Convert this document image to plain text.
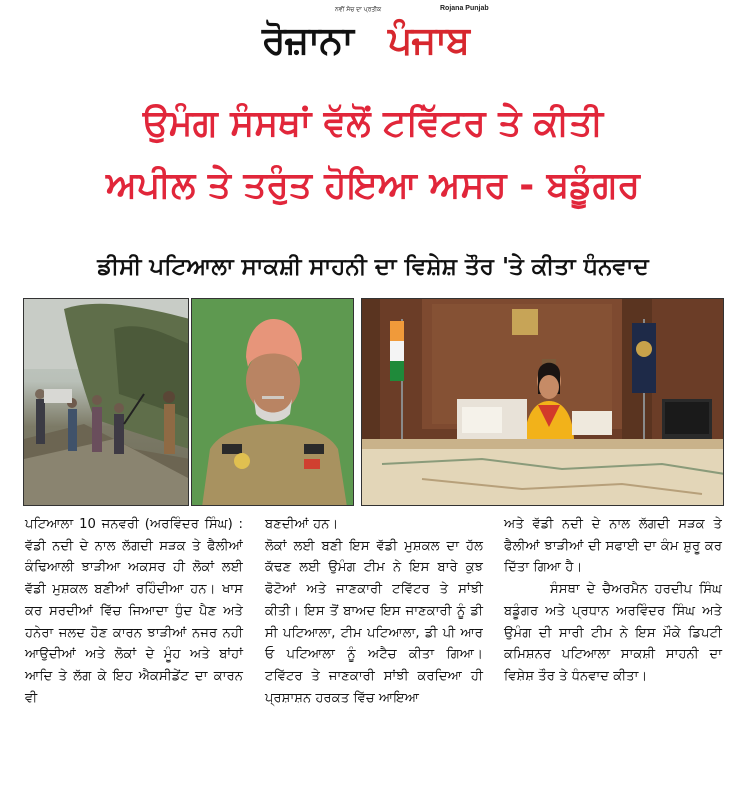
ਨਵੀਂ ਸੋਚ ਦਾ ਪ੍ਰਤੀਕ
ਰੋਜ਼ਾਨਾ ਪੰਜਾਬ
Rojana Punjab
ਉਮੰਗ ਸੰਸਥਾਂ ਵੱਲੋਂ ਟਵਿੱਟਰ ਤੇ ਕੀਤੀ
ਅਪੀਲ ਤੇ ਤਰੁੰਤ ਹੋਇਆ ਅਸਰ - ਬਡੂੰਗਰ
ਡੀਸੀ ਪਟਿਆਲਾ ਸਾਕਸ਼ੀ ਸਾਹਨੀ ਦਾ ਵਿਸ਼ੇਸ਼ ਤੌਰ 'ਤੇ ਕੀਤਾ ਧੰਨਵਾਦ

ਪਟਿਆਲਾ 10 ਜਨਵਰੀ (ਅਰਵਿੰਦਰ ਸਿੰਘ) : ਵੱਡੀ ਨਦੀ ਦੇ ਨਾਲ ਲੱਗਦੀ ਸੜਕ ਤੇ ਫੈਲੀਆਂ ਕੰਢਿਆਲੀ ਝਾੜੀਆ ਅਕਸਰ ਹੀ ਲੋਕਾਂ ਲਈ ਵੱਡੀ ਮੁਸ਼ਕਲ ਬਣੀਆਂ ਰਹਿੰਦੀਆ ਹਨ। ਖਾਸ ਕਰ ਸਰਦੀਆਂ ਵਿੱਚ ਜਿਆਦਾ ਧੁੰਦ ਪੈਣ ਅਤੇ ਹਨੇਰਾ ਜਲਦ ਹੋਣ ਕਾਰਨ ਝਾੜੀਆਂ ਨਜਰ ਨਹੀ ਆਉਦੀਆਂ ਅਤੇ ਲੋਕਾਂ ਦੇ ਮੂੰਹ ਅਤੇ ਬਾਂਹਾਂ ਆਦਿ ਤੇ ਲੱਗ ਕੇ ਇਹ ਐਕਸੀਡੇਂਟ ਦਾ ਕਾਰਨ ਵੀ

ਬਣਦੀਆਂ ਹਨ।

ਲੋਕਾਂ ਲਈ ਬਣੀ ਇਸ ਵੱਡੀ ਮੁਸ਼ਕਲ ਦਾ ਹੱਲ ਕੱਢਣ ਲਈ ਉਮੰਗ ਟੀਮ ਨੇ ਇਸ ਬਾਰੇ ਕੁਝ ਫੋਟੋਆਂ ਅਤੇ ਜਾਣਕਾਰੀ ਟਵਿੱਟਰ ਤੇ ਸਾਂਝੀ ਕੀਤੀ। ਇਸ ਤੋਂ ਬਾਅਦ ਇਸ ਜਾਣਕਾਰੀ ਨੂੰ ਡੀ ਸੀ ਪਟਿਆਲਾ, ਟੀਮ ਪਟਿਆਲਾ, ਡੀ ਪੀ ਆਰ ਓ ਪਟਿਆਲਾ ਨੂੰ ਅਟੈਚ ਕੀਤਾ ਗਿਆ। ਟਵਿੱਟਰ ਤੇ ਜਾਣਕਾਰੀ ਸਾਂਝੀ ਕਰਦਿਆ ਹੀ ਪ੍ਰਸ਼ਾਸ਼ਨ ਹਰਕਤ ਵਿੱਚ ਆਇਆ

ਅਤੇ ਵੱਡੀ ਨਦੀ ਦੇ ਨਾਲ ਲੱਗਦੀ ਸੜਕ ਤੇ ਫੈਲੀਆਂ ਝਾੜੀਆਂ ਦੀ ਸਫਾਈ ਦਾ ਕੰਮ ਸ਼ੁਰੂ ਕਰ ਦਿੱਤਾ ਗਿਆ ਹੈ।

ਸੰਸਥਾ ਦੇ ਚੈਅਰਮੈਨ ਹਰਦੀਪ ਸਿੰਘ ਬਡੂੰਗਰ ਅਤੇ ਪ੍ਰਧਾਨ ਅਰਵਿੰਦਰ ਸਿੰਘ ਅਤੇ ਉਮੰਗ ਦੀ ਸਾਰੀ ਟੀਮ ਨੇ ਇਸ ਮੌਕੇ ਡਿਪਟੀ ਕਮਿਸ਼ਨਰ ਪਟਿਆਲਾ ਸਾਕਸ਼ੀ ਸਾਹਨੀ ਦਾ ਵਿਸ਼ੇਸ਼ ਤੌਰ ਤੇ ਧੰਨਵਾਦ ਕੀਤਾ।
